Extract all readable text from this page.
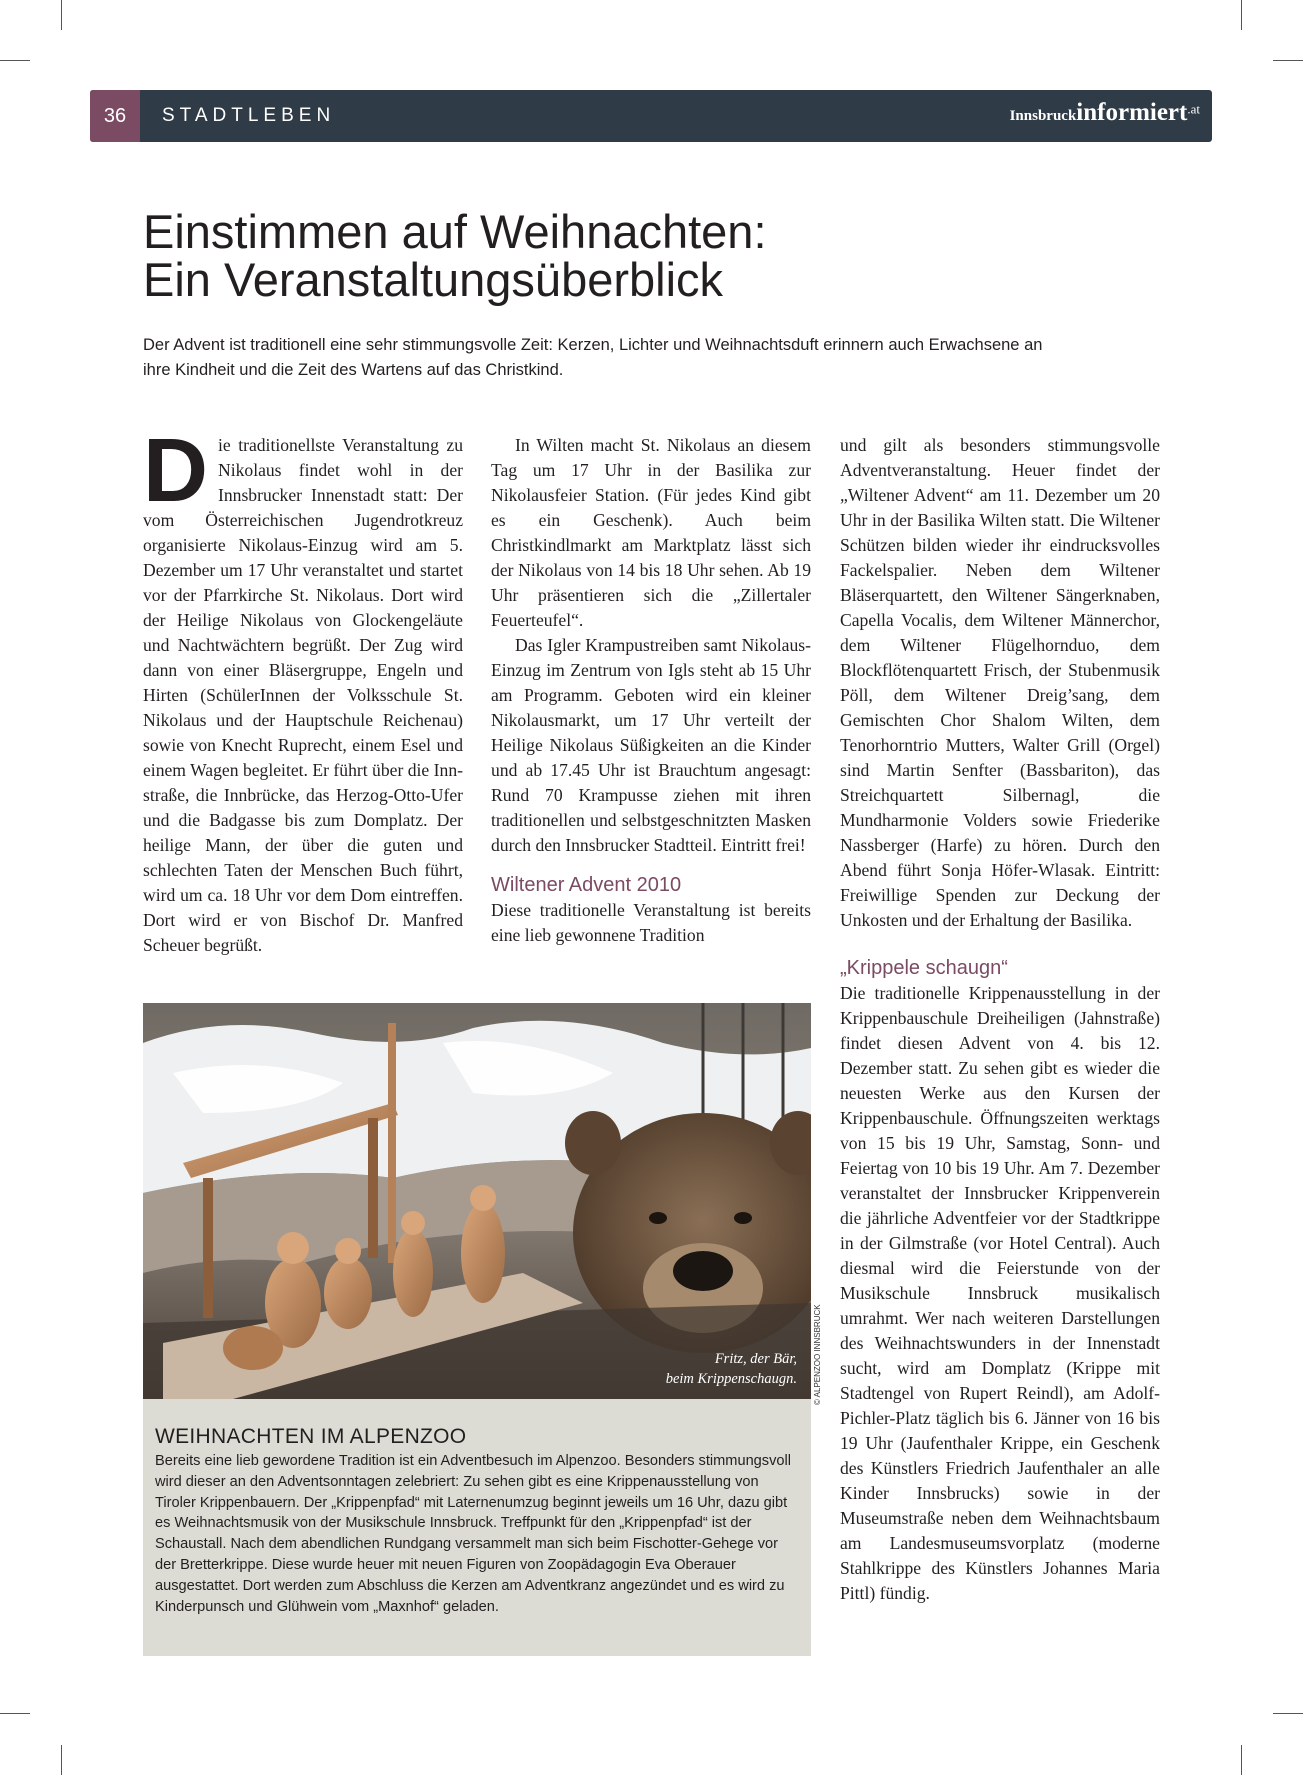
36	STADTLEBEN	Innsbruckinformiert$^{.at}$
Einstimmen auf Weihnachten:
Ein Veranstaltungsüberblick

Der Advent ist traditionell eine sehr stimmungsvolle Zeit: Kerzen, Lichter und Weihnachtsduft erinnern auch Erwachsene an ihre Kindheit und die Zeit des Wartens auf das Christkind.

Die traditionellste Veranstaltung zu Nikolaus findet wohl in der Innsbrucker Innenstadt statt: Der vom Österreichischen Jugendrotkreuz organisierte Nikolaus-Einzug wird am 5. Dezember um 17 Uhr veranstaltet und startet vor der Pfarrkirche St. Nikolaus. Dort wird der Heilige Nikolaus von Glockengeläute und Nachtwächtern begrüßt. Der Zug wird dann von einer Bläsergruppe, Engeln und Hirten (SchülerInnen der Volksschule St. Nikolaus und der Hauptschule Reichenau) sowie von Knecht Ruprecht, einem Esel und einem Wagen begleitet. Er führt über die Innstraße, die Innbrücke, das Herzog-Otto-Ufer und die Badgasse bis zum Domplatz. Der heilige Mann, der über die guten und schlechten Taten der Menschen Buch führt, wird um ca. 18 Uhr vor dem Dom eintreffen. Dort wird er von Bischof Dr. Manfred Scheuer begrüßt.

In Wilten macht St. Nikolaus an diesem Tag um 17 Uhr in der Basilika zur Nikolausfeier Station. (Für jedes Kind gibt es ein Geschenk). Auch beim Christkindlmarkt am Marktplatz lässt sich der Nikolaus von 14 bis 18 Uhr sehen. Ab 19 Uhr präsentieren sich die „Zillertaler Feuerteufel“.

Das Igler Krampustreiben samt Nikolaus-Einzug im Zentrum von Igls steht ab 15 Uhr am Programm. Geboten wird ein kleiner Nikolausmarkt, um 17 Uhr verteilt der Heilige Nikolaus Süßigkeiten an die Kinder und ab 17.45 Uhr ist Brauchtum angesagt: Rund 70 Krampusse ziehen mit ihren traditionellen und selbstgeschnitzten Masken durch den Innsbrucker Stadtteil. Eintritt frei!

Wiltener Advent 2010

Diese traditionelle Veranstaltung ist bereits eine lieb gewonnene Tradition

und gilt als besonders stimmungsvolle Adventveranstaltung. Heuer findet der „Wiltener Advent“ am 11. Dezember um 20 Uhr in der Basilika Wilten statt. Die Wiltener Schützen bilden wieder ihr eindrucksvolles Fackelspalier. Neben dem Wiltener Bläserquartett, den Wiltener Sängerknaben, Capella Vocalis, dem Wiltener Männerchor, dem Wiltener Flügelhornduo, dem Blockflötenquartett Frisch, der Stubenmusik Pöll, dem Wiltener Dreig’sang, dem Gemischten Chor Shalom Wilten, dem Tenorhorntrio Mutters, Walter Grill (Orgel) sind Martin Senfter (Bassbariton), das Streichquartett Silbernagl, die Mundharmonie Volders sowie Friederike Nassberger (Harfe) zu hören. Durch den Abend führt Sonja Höfer-Wlasak. Eintritt: Freiwillige Spenden zur Deckung der Unkosten und der Erhaltung der Basilika.

„Krippele schaugn“

Die traditionelle Krippenausstellung in der Krippenbauschule Dreiheiligen (Jahnstraße) findet diesen Advent von 4. bis 12. Dezember statt. Zu sehen gibt es wieder die neuesten Werke aus den Kursen der Krippenbauschule. Öffnungszeiten werktags von 15 bis 19 Uhr, Samstag, Sonn- und Feiertag von 10 bis 19 Uhr. Am 7. Dezember veranstaltet der Innsbrucker Krippenverein die jährliche Adventfeier vor der Stadtkrippe in der Gilmstraße (vor Hotel Central). Auch diesmal wird die Feierstunde von der Musikschule Innsbruck musikalisch umrahmt. Wer nach weiteren Darstellungen des Weihnachtswunders in der Innenstadt sucht, wird am Domplatz (Krippe mit Stadtengel von Rupert Reindl), am Adolf-Pichler-Platz täglich bis 6. Jänner von 16 bis 19 Uhr (Jaufenthaler Krippe, ein Geschenk des Künstlers Friedrich Jaufenthaler an alle Kinder Innsbrucks) sowie in der Museumstraße neben dem Weihnachtsbaum am Landesmuseumsvorplatz (moderne Stahlkrippe des Künstlers Johannes Maria Pittl) fündig.

Fritz, der Bär,
beim Krippenschaugn. © ALPENZOO INNSBRUCK
WEIHNACHTEN IM ALPENZOO

Bereits eine lieb gewordene Tradition ist ein Adventbesuch im Alpenzoo. Besonders stimmungsvoll wird dieser an den Adventsonntagen zelebriert: Zu sehen gibt es eine Krippenausstellung von Tiroler Krippenbauern. Der „Krippenpfad“ mit Laternenumzug beginnt jeweils um 16 Uhr, dazu gibt es Weihnachtsmusik von der Musikschule Innsbruck. Treffpunkt für den „Krippenpfad“ ist der Schaustall. Nach dem abendlichen Rundgang versammelt man sich beim Fischotter-Gehege vor der Bretterkrippe. Diese wurde heuer mit neuen Figuren von Zoopädagogin Eva Oberauer ausgestattet. Dort werden zum Abschluss die Kerzen am Adventkranz angezündet und es wird zu Kinderpunsch und Glühwein vom „Maxnhof“ geladen.
